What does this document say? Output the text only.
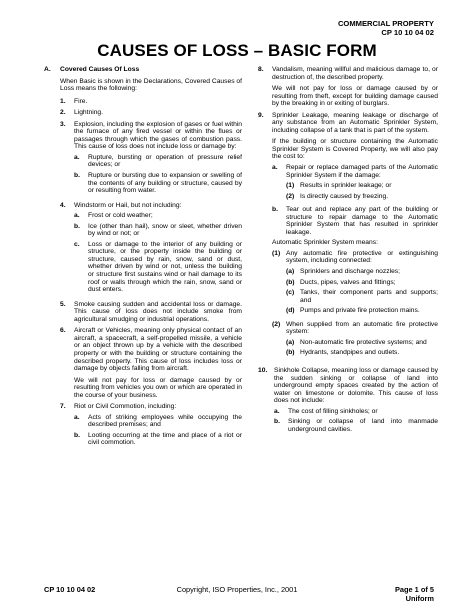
COMMERCIAL PROPERTY
CP 10 10 04 02
CAUSES OF LOSS – BASIC FORM
A.	Covered Causes Of Loss

When Basic is shown in the Declarations, Covered Causes of Loss means the following:

1.	Fire.
2.	Lightning.
3.	Explosion, including the explosion of gases or fuel within the furnace of any fired vessel or within the flues or passages through which the gases of combustion pass. This cause of loss does not include loss or damage by:
a.	Rupture, bursting or operation of pressure relief devices; or
b.	Rupture or bursting due to expansion or swelling of the contents of any building or structure, caused by or resulting from water.
4.	Windstorm or Hail, but not including:
a.	Frost or cold weather;
b.	Ice (other than hail), snow or sleet, whether driven by wind or not; or
c.	Loss or damage to the interior of any building or structure, or the property inside the building or structure, caused by rain, snow, sand or dust, whether driven by wind or not, unless the building or structure first sustains wind or hail damage to its roof or walls through which the rain, snow, sand or dust enters.
5.	Smoke causing sudden and accidental loss or damage. This cause of loss does not include smoke from agricultural smudging or industrial operations.
6.	Aircraft or Vehicles, meaning only physical contact of an aircraft, a spacecraft, a self-propelled missile, a vehicle or an object thrown up by a vehicle with the described property or with the building or structure containing the described property. This cause of loss includes loss or damage by objects falling from aircraft.
We will not pay for loss or damage caused by or resulting from vehicles you own or which are operated in the course of your business.
7.	Riot or Civil Commotion, including:
a.	Acts of striking employees while occupying the described premises; and
b.	Looting occurring at the time and place of a riot or civil commotion.
8.	Vandalism, meaning willful and malicious damage to, or destruction of, the described property.
We will not pay for loss or damage caused by or resulting from theft, except for building damage caused by the breaking in or exiting of burglars.
9.	Sprinkler Leakage, meaning leakage or discharge of any substance from an Automatic Sprinkler System, including collapse of a tank that is part of the system.
If the building or structure containing the Automatic Sprinkler System is Covered Property, we will also pay the cost to:
a.	Repair or replace damaged parts of the Automatic Sprinkler System if the damage:
(1) Results in sprinkler leakage; or
(2) Is directly caused by freezing.
b.	Tear out and replace any part of the building or structure to repair damage to the Automatic Sprinkler System that has resulted in sprinkler leakage.
Automatic Sprinkler System means:
(1) Any automatic fire protective or extinguishing system, including connected:
(a) Sprinklers and discharge nozzles;
(b) Ducts, pipes, valves and fittings;
(c) Tanks, their component parts and supports; and
(d) Pumps and private fire protection mains.
(2) When supplied from an automatic fire protective system:
(a) Non-automatic fire protective systems; and
(b) Hydrants, standpipes and outlets.
10.	Sinkhole Collapse, meaning loss or damage caused by the sudden sinking or collapse of land into underground empty spaces created by the action of water on limestone or dolomite. This cause of loss does not include:
a.	The cost of filling sinkholes; or
b.	Sinking or collapse of land into manmade underground cavities.
CP 10 10 04 02	Copyright, ISO Properties, Inc., 2001	Page 1 of 5
Uniform
